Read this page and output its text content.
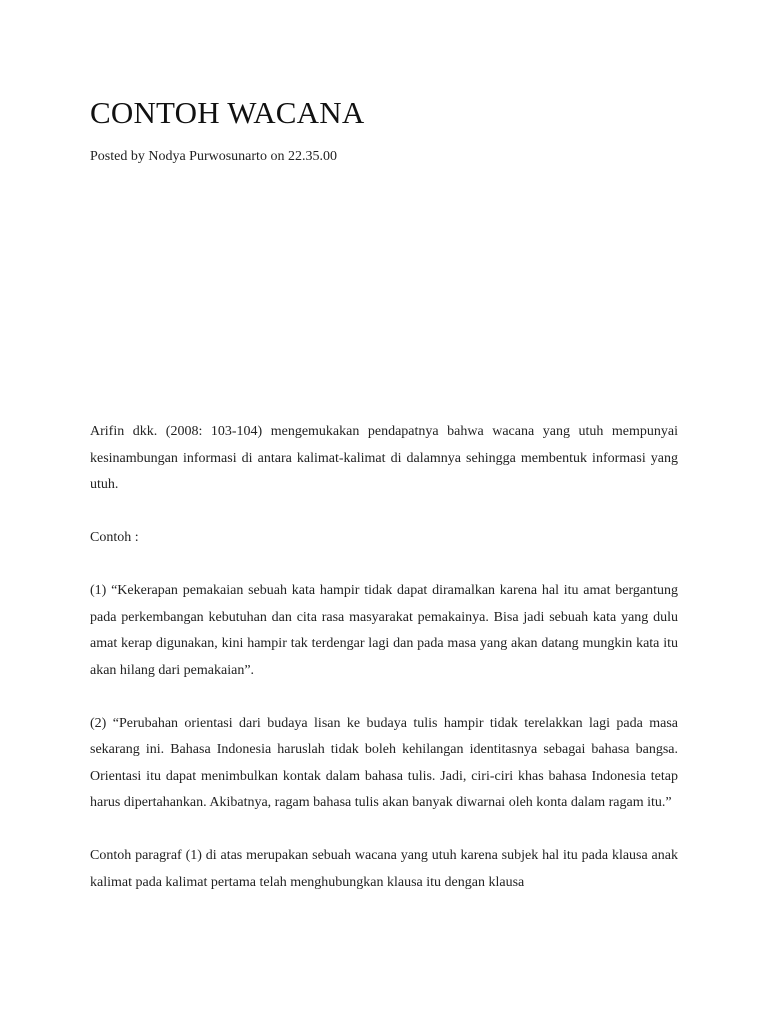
CONTOH WACANA
Posted by Nodya Purwosunarto on 22.35.00

Arifin dkk. (2008: 103-104) mengemukakan pendapatnya bahwa wacana yang utuh mempunyai kesinambungan informasi di antara kalimat-kalimat di dalamnya sehingga membentuk informasi yang utuh.

Contoh :

(1) “Kekerapan pemakaian sebuah kata hampir tidak dapat diramalkan karena hal itu amat bergantung pada perkembangan kebutuhan dan cita rasa masyarakat pemakainya. Bisa jadi sebuah kata yang dulu amat kerap digunakan, kini hampir tak terdengar lagi dan pada masa yang akan datang mungkin kata itu akan hilang dari pemakaian”.

(2) “Perubahan orientasi dari budaya lisan ke budaya tulis hampir tidak terelakkan lagi pada masa sekarang ini. Bahasa Indonesia haruslah tidak boleh kehilangan identitasnya sebagai bahasa bangsa. Orientasi itu dapat menimbulkan kontak dalam bahasa tulis. Jadi, ciri-ciri khas bahasa Indonesia tetap harus dipertahankan. Akibatnya, ragam bahasa tulis akan banyak diwarnai oleh konta dalam ragam itu.”

Contoh paragraf (1) di atas merupakan sebuah wacana yang utuh karena subjek hal itu pada klausa anak kalimat pada kalimat pertama telah menghubungkan klausa itu dengan klausa
